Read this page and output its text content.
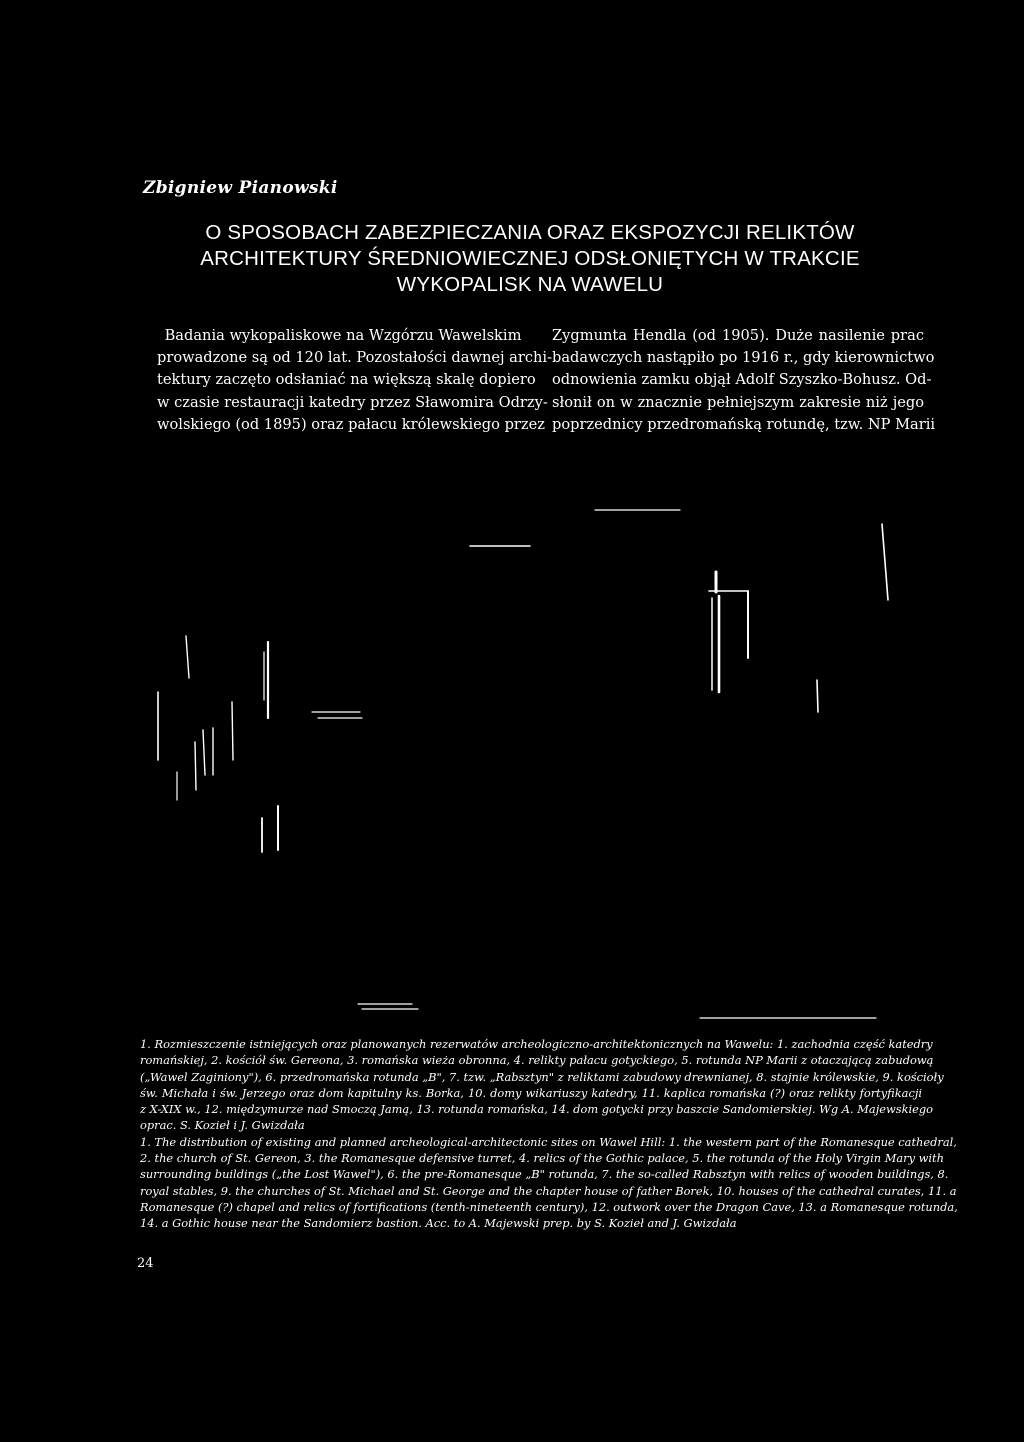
Zbigniew Pianowski
O SPOSOBACH ZABEZPIECZANIA ORAZ EKSPOZYCJI RELIKTÓW
ARCHITEKTURY ŚREDNIOWIECZNEJ ODSŁONIĘTYCH W TRAKCIE
WYKOPALISK NA WAWELU
Badania wykopaliskowe na Wzgórzu Wawelskim
prowadzone są od 120 lat. Pozostałości dawnej archi-
tektury zaczęto odsłaniać na większą skalę dopiero
w czasie restauracji katedry przez Sławomira Odrzy-
wolskiego (od 1895) oraz pałacu królewskiego przez
Zygmunta Hendla (od 1905). Duże nasilenie prac
badawczych nastąpiło po 1916 r., gdy kierownictwo
odnowienia zamku objął Adolf Szyszko-Bohusz. Od-
słonił on w znacznie pełniejszym zakresie niż jego
poprzednicy przedromańską rotundę, tzw. NP Marii
1. Rozmieszczenie istniejących oraz planowanych rezerwatów archeologiczno-architektonicznych na Wawelu: 1. zachodnia część katedry
romańskiej, 2. kościół św. Gereona, 3. romańska wieża obronna, 4. relikty pałacu gotyckiego, 5. rotunda NP Marii z otaczającą zabudową
(„Wawel Zaginiony"), 6. przedromańska rotunda „B", 7. tzw. „Rabsztyn" z reliktami zabudowy drewnianej, 8. stajnie królewskie, 9. kościoły
św. Michała i św. Jerzego oraz dom kapitulny ks. Borka, 10. domy wikariuszy katedry, 11. kaplica romańska (?) oraz relikty fortyfikacji
z X-XIX w., 12. międzymurze nad Smoczą Jamą, 13. rotunda romańska, 14. dom gotycki przy baszcie Sandomierskiej. Wg A. Majewskiego
oprac. S. Kozieł i J. Gwizdała
1. The distribution of existing and planned archeological-architectonic sites on Wawel Hill: 1. the western part of the Romanesque cathedral,
2. the church of St. Gereon, 3. the Romanesque defensive turret, 4. relics of the Gothic palace, 5. the rotunda of the Holy Virgin Mary with
surrounding buildings („the Lost Wawel"), 6. the pre-Romanesque „B" rotunda, 7. the so-called Rabsztyn with relics of wooden buildings, 8.
royal stables, 9. the churches of St. Michael and St. George and the chapter house of father Borek, 10. houses of the cathedral curates, 11. a
Romanesque (?) chapel and relics of fortifications (tenth-nineteenth century), 12. outwork over the Dragon Cave, 13. a Romanesque rotunda,
14. a Gothic house near the Sandomierz bastion. Acc. to A. Majewski prep. by S. Kozieł and J. Gwizdała
24
